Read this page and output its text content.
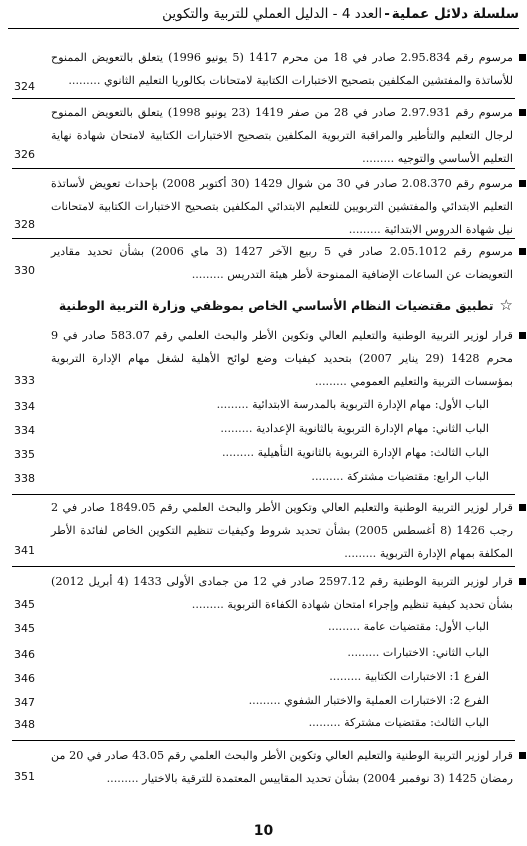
سلسلة دلائل عملية-العدد 4 - الدليل العملي للتربية والتكوين
مرسوم رقم 2.95.834 صادر في 18 من محرم 1417 (5 يونيو 1996) يتعلق بالتعويض الممنوح للأساتذة والمفتشين المكلفين بتصحيح الاختبارات الكتابية لامتحانات بكالوريا التعليم الثانوي .........
324
مرسوم رقم 2.97.931 صادر في 28 من صفر 1419 (23 يونيو 1998) يتعلق بالتعويض الممنوح لرجال التعليم والتأطير والمراقبة التربوية المكلفين بتصحيح الاختبارات الكتابية لامتحان شهادة نهاية التعليم الأساسي والتوجيه .........
326
مرسوم رقم 2.08.370 صادر في 30 من شوال 1429 (30 أكتوبر 2008) بإحداث تعويض لأساتذة التعليم الابتدائي والمفتشين التربويين للتعليم الابتدائي المكلفين بتصحيح الاختبارات الكتابية لامتحانات نيل شهادة الدروس الابتدائية .........
328
مرسوم رقم 2.05.1012 صادر في 5 ربيع الآخر 1427 (3 ماي 2006) بشأن تحديد مقادير التعويضات عن الساعات الإضافية الممنوحة لأطر هيئة التدريس .........
330
☆تطبيق مقتضيات النظام الأساسي الخاص بموظفي وزارة التربية الوطنية
قرار لوزير التربية الوطنية والتعليم العالي وتكوين الأطر والبحث العلمي رقم 583.07 صادر في 9 محرم 1428 (29 يناير 2007) بتحديد كيفيات وضع لوائح الأهلية لشغل مهام الإدارة التربوية بمؤسسات التربية والتعليم العمومي .........
333
الباب الأول: مهام الإدارة التربوية بالمدرسة الابتدائية .........
334
الباب الثاني: مهام الإدارة التربوية بالثانوية الإعدادية .........
334
الباب الثالث: مهام الإدارة التربوية بالثانوية التأهيلية .........
335
الباب الرابع: مقتضيات مشتركة .........
338
قرار لوزير التربية الوطنية والتعليم العالي وتكوين الأطر والبحث العلمي رقم 1849.05 صادر في 2 رجب 1426 (8 أغسطس 2005) بشأن تحديد شروط وكيفيات تنظيم التكوين الخاص لفائدة الأطر المكلفة بمهام الإدارة التربوية .........
341
قرار لوزير التربية الوطنية رقم 2597.12 صادر في 12 من جمادى الأولى 1433 (4 أبريل 2012) بشأن تحديد كيفية تنظيم وإجراء امتحان شهادة الكفاءة التربوية .........
345
الباب الأول: مقتضيات عامة .........
345
الباب الثاني: الاختبارات .........
346
الفرع 1: الاختبارات الكتابية .........
346
الفرع 2: الاختبارات العملية والاختبار الشفوي .........
347
الباب الثالث: مقتضيات مشتركة .........
348
قرار لوزير التربية الوطنية والتعليم العالي وتكوين الأطر والبحث العلمي رقم 43.05 صادر في 20 من رمضان 1425 (3 نوفمبر 2004) بشأن تحديد المقاييس المعتمدة للترقية بالاختيار .........
351
10
